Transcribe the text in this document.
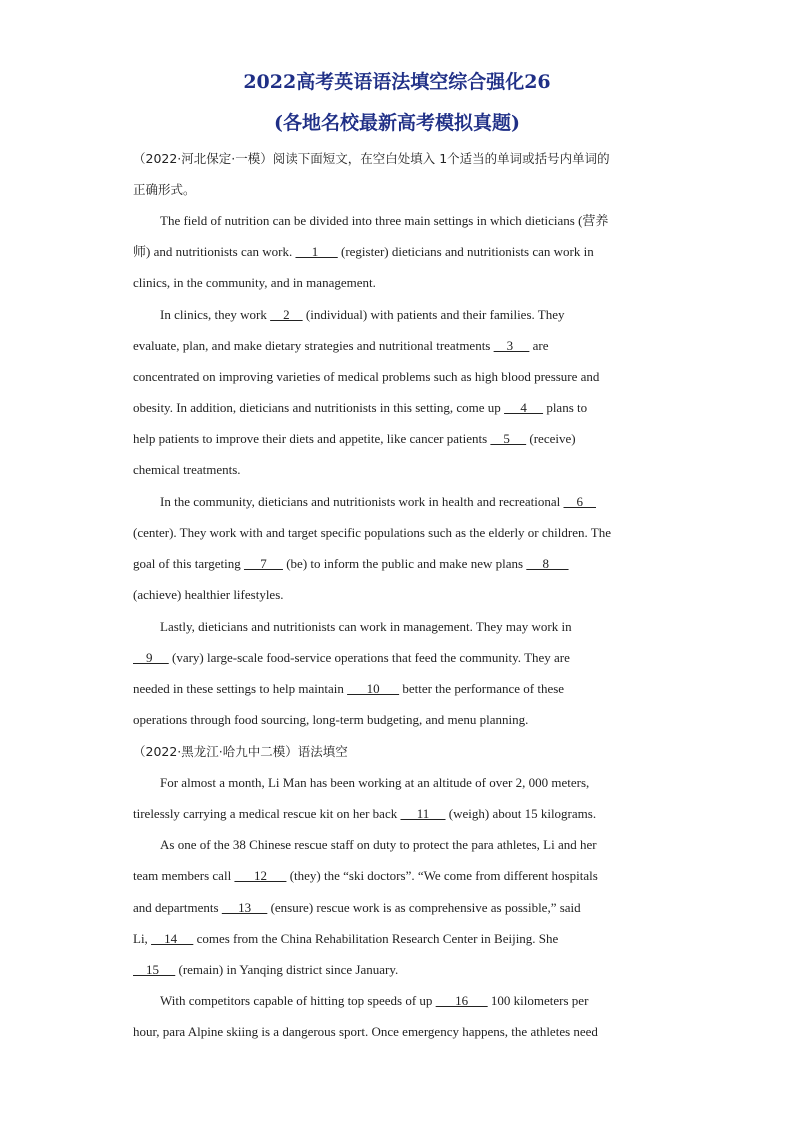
2022高考英语语法填空综合强化26
(各地名校最新高考模拟真题)

（2022·河北保定·一模）阅读下面短文，在空白处填入 1个适当的单词或括号内单词的

正确形式。

The field of nutrition can be divided into three main settings in which dieticians (营养

师) and nutritionists can work.      1       (register) dieticians and nutritionists can work in

clinics, in the community, and in management.

In clinics, they work     2     (individual) with patients and their families. They

evaluate, plan, and make dietary strategies and nutritional treatments     3      are

concentrated on improving varieties of medical problems such as high blood pressure and

obesity. In addition, dieticians and nutritionists in this setting, come up      4      plans to

help patients to improve their diets and appetite, like cancer patients     5      (receive)

chemical treatments.

In the community, dieticians and nutritionists work in health and recreational     6

(center). They work with and target specific populations such as the elderly or children. The

goal of this targeting      7      (be) to inform the public and make new plans      8

(achieve) healthier lifestyles.

Lastly, dieticians and nutritionists can work in management. They may work in

9      (vary) large-scale food-service operations that feed the community. They are

needed in these settings to help maintain       10       better the performance of these

operations through food sourcing, long-term budgeting, and menu planning.

（2022·黑龙江·哈九中二模）语法填空

For almost a month, Li Man has been working at an altitude of over 2, 000 meters,

tirelessly carrying a medical rescue kit on her back      11      (weigh) about 15 kilograms.

As one of the 38 Chinese rescue staff on duty to protect the para athletes, Li and her

team members call       12       (they) the “ski doctors”. “We come from different hospitals

and departments      13      (ensure) rescue work is as comprehensive as possible,” said

Li,     14      comes from the China Rehabilitation Research Center in Beijing. She

15      (remain) in Yanqing district since January.

With competitors capable of hitting top speeds of up       16       100 kilometers per

hour, para Alpine skiing is a dangerous sport. Once emergency happens, the athletes need
